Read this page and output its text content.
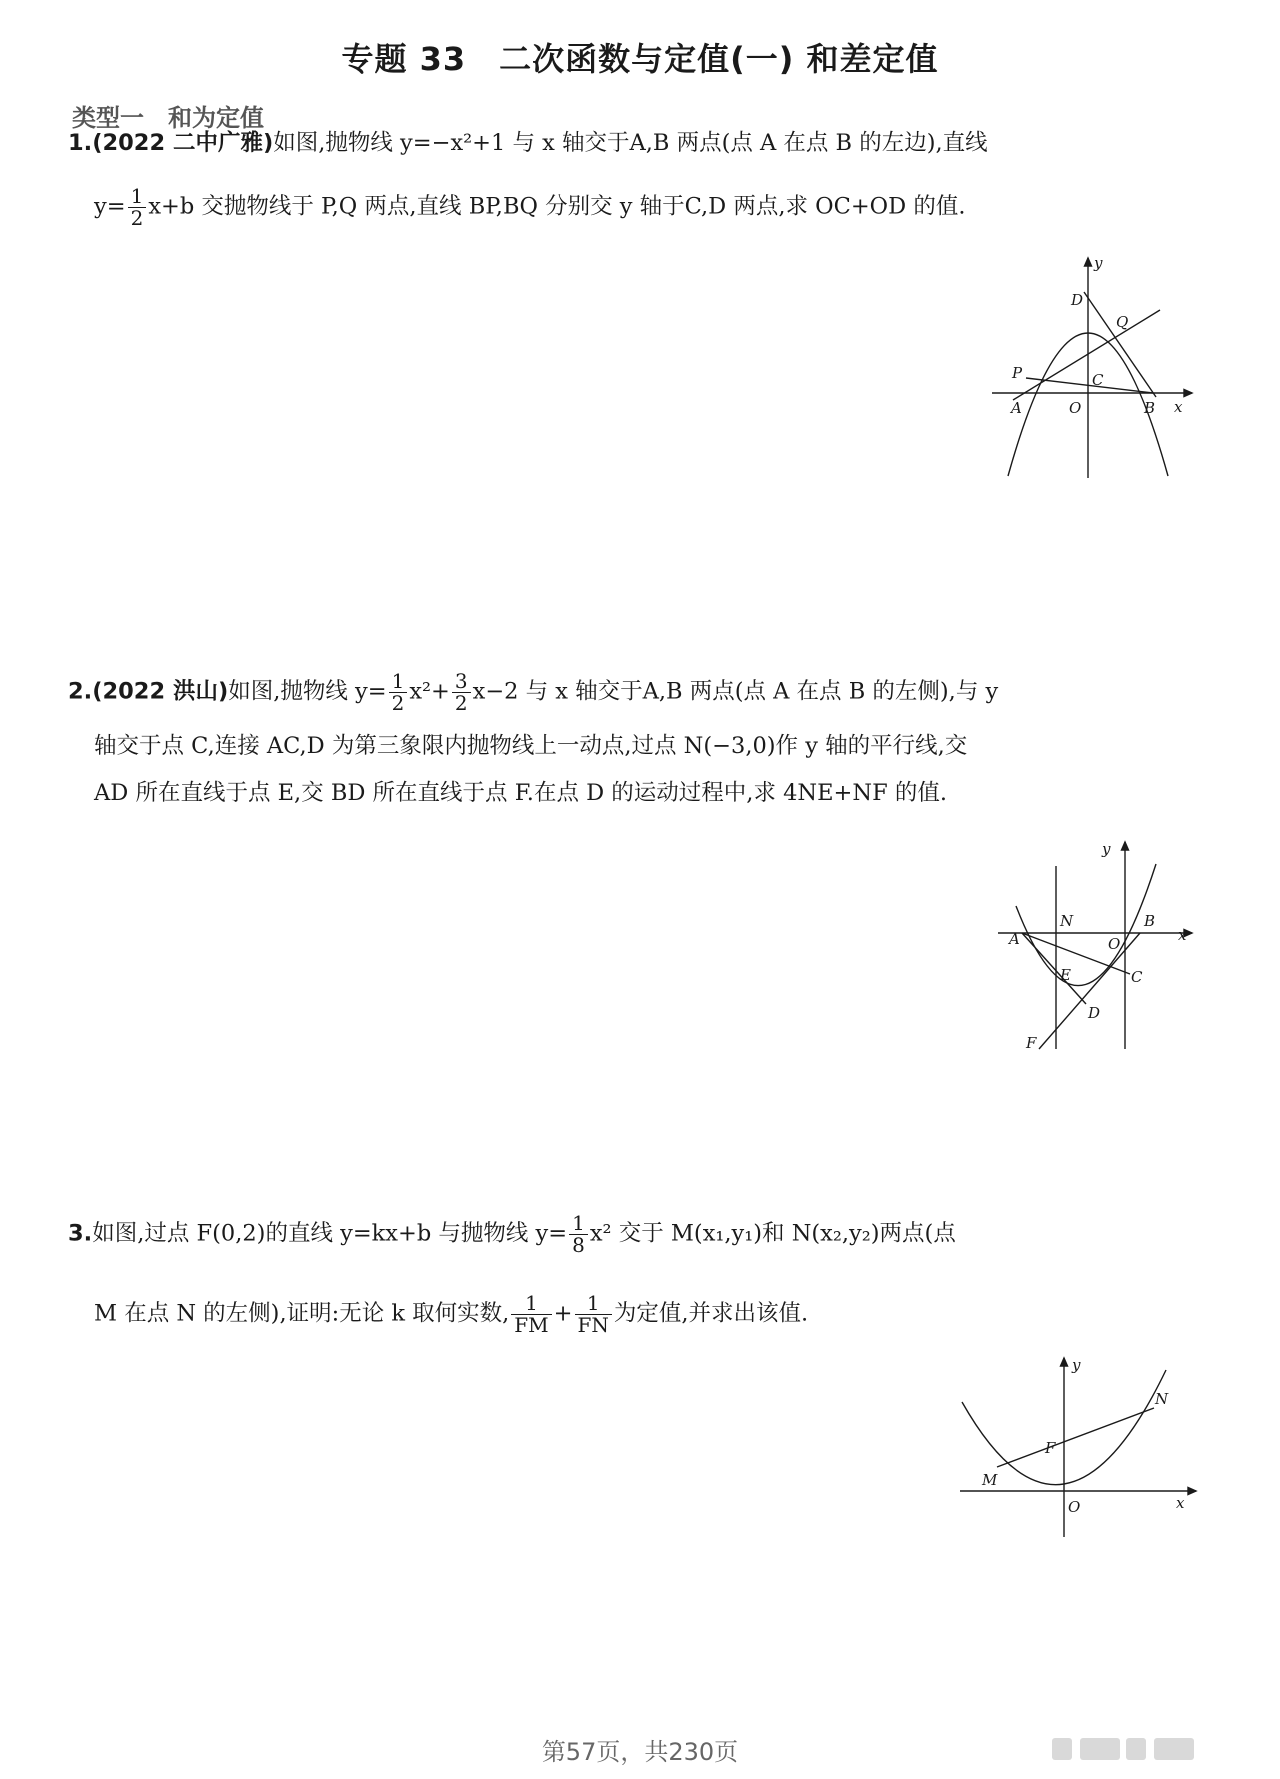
专题 33　二次函数与定值(一) 和差定值
类型一　和为定值
1.(2022 二中广雅)如图,抛物线 y=−x²+1 与 x 轴交于A,B 两点(点 A 在点 B 的左边),直线
$y= \frac{1}{2} x+b$ 交抛物线于 P,Q 两点,直线 BP,BQ 分别交 y 轴于C,D 两点,求 OC+OD 的值.
y
D
Q
P	C
A	O	B x
2.(2022 洪山)如图,抛物线 $y= \frac{1}{2} x^2+ \frac{3}{2} x-2$ 与 x 轴交于A,B 两点(点 A 在点 B 的左侧),与 y
轴交于点 C,连接 AC,D 为第三象限内抛物线上一动点,过点 N(−3,0)作 y 轴的平行线,交
AD 所在直线于点 E,交 BD 所在直线于点 F.在点 D 的运动过程中,求 4NE+NF 的值.
y
N	B
A	O	x
E	C
D
F
3.如图,过点 F(0,2)的直线 y=kx+b 与抛物线 $y= \frac{1}{8} x^2$ 交于 M(x₁,y₁)和 N(x₂,y₂)两点(点
M 在点 N 的左侧),证明:无论 k 取何实数, $\frac{1}{FM} + \frac{1}{FN}$ 为定值,并求出该值.
y
N
F
M
O	x
第57页，共230页
